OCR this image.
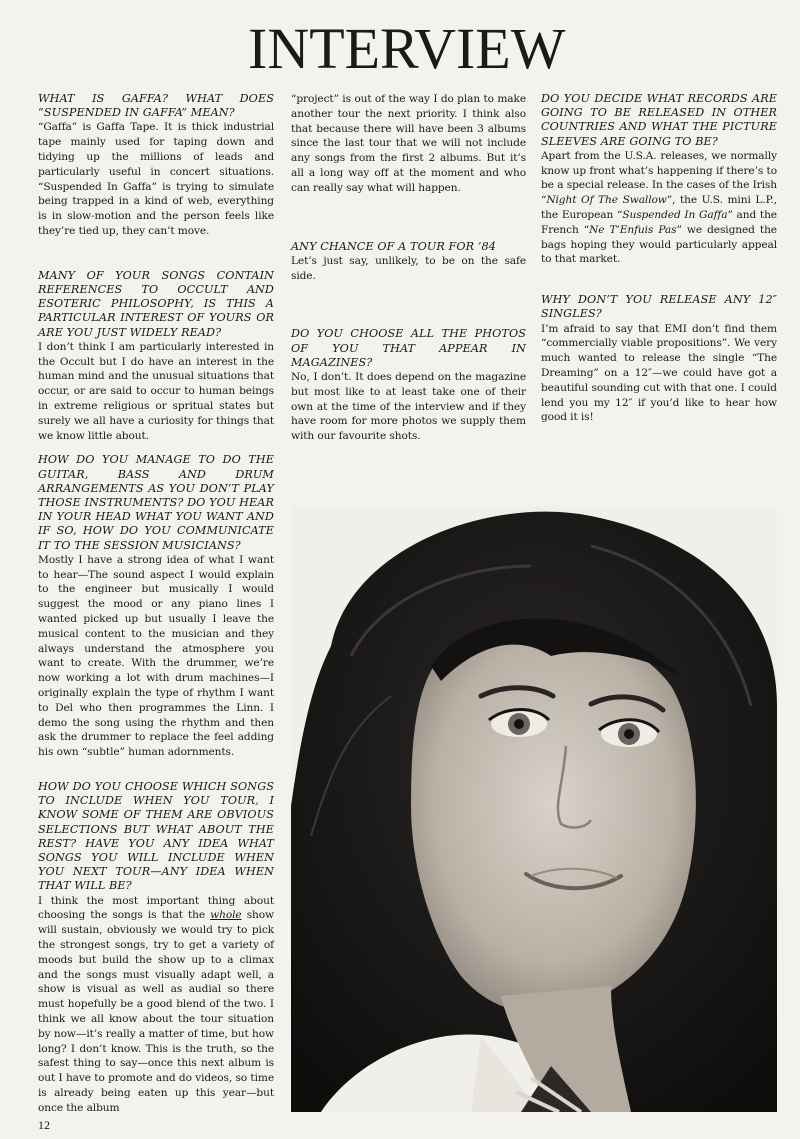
INTERVIEW

WHAT IS GAFFA? WHAT DOES “SUSPENDED IN GAFFA” MEAN?

“Gaffa” is Gaffa Tape. It is thick industrial tape mainly used for taping down and tidying up the millions of leads and particularly useful in concert situations. “Suspended In Gaffa” is trying to simulate being trapped in a kind of web, everything is in slow-motion and the person feels like they’re tied up, they can’t move.

MANY OF YOUR SONGS CONTAIN REFERENCES TO OCCULT AND ESOTERIC PHILOSOPHY, IS THIS A PARTICULAR INTEREST OF YOURS OR ARE YOU JUST WIDELY READ?

I don’t think I am particularly interested in the Occult but I do have an interest in the human mind and the unusual situations that occur, or are said to occur to human beings in extreme religious or spritual states but surely we all have a curiosity for things that we know little about.

HOW DO YOU MANAGE TO DO THE GUITAR, BASS AND DRUM ARRANGEMENTS AS YOU DON’T PLAY THOSE INSTRUMENTS? DO YOU HEAR IN YOUR HEAD WHAT YOU WANT AND IF SO, HOW DO YOU COMMUNICATE IT TO THE SESSION MUSICIANS?

Mostly I have a strong idea of what I want to hear—The sound aspect I would explain to the engineer but musically I would suggest the mood or any piano lines I wanted picked up but usually I leave the musical content to the musician and they always understand the atmosphere you want to create. With the drummer, we’re now working a lot with drum machines—I originally explain the type of rhythm I want to Del who then programmes the Linn. I demo the song using the rhythm and then ask the drummer to replace the feel adding his own “subtle” human adornments.

HOW DO YOU CHOOSE WHICH SONGS TO INCLUDE WHEN YOU TOUR, I KNOW SOME OF THEM ARE OBVIOUS SELECTIONS BUT WHAT ABOUT THE REST? HAVE YOU ANY IDEA WHAT SONGS YOU WILL INCLUDE WHEN YOU NEXT TOUR—ANY IDEA WHEN THAT WILL BE?

I think the most important thing about choosing the songs is that the whole show will sustain, obviously we would try to pick the strongest songs, try to get a variety of moods but build the show up to a climax and the songs must visually adapt well, a show is visual as well as audial so there must hopefully be a good blend of the two. I think we all know about the tour situation by now—it’s really a matter of time, but how long? I don’t know. This is the truth, so the safest thing to say—once this next album is out I have to promote and do videos, so time is already being eaten up this year—but once the album

“project” is out of the way I do plan to make another tour the next priority. I think also that because there will have been 3 albums since the last tour that we will not include any songs from the first 2 albums. But it’s all a long way off at the moment and who can really say what will happen.

ANY CHANCE OF A TOUR FOR ’84

Let’s just say, unlikely, to be on the safe side.

DO YOU CHOOSE ALL THE PHOTOS OF YOU THAT APPEAR IN MAGAZINES?

No, I don’t. It does depend on the magazine but most like to at least take one of their own at the time of the interview and if they have room for more photos we supply them with our favourite shots.

DO YOU DECIDE WHAT RECORDS ARE GOING TO BE RELEASED IN OTHER COUNTRIES AND WHAT THE PICTURE SLEEVES ARE GOING TO BE?

Apart from the U.S.A. releases, we normally know up front what’s happening if there’s to be a special release. In the cases of the Irish “Night Of The Swallow”, the U.S. mini L.P., the European “Suspended In Gaffa” and the French “Ne T’Enfuis Pas” we designed the bags hoping they would particularly appeal to that market.

WHY DON’T YOU RELEASE ANY 12″ SINGLES?

I’m afraid to say that EMI don’t find them “commercially viable propositions”. We very much wanted to release the single “The Dreaming” on a 12″—we could have got a beautiful sounding cut with that one. I could lend you my 12″ if you’d like to hear how good it is!

12
